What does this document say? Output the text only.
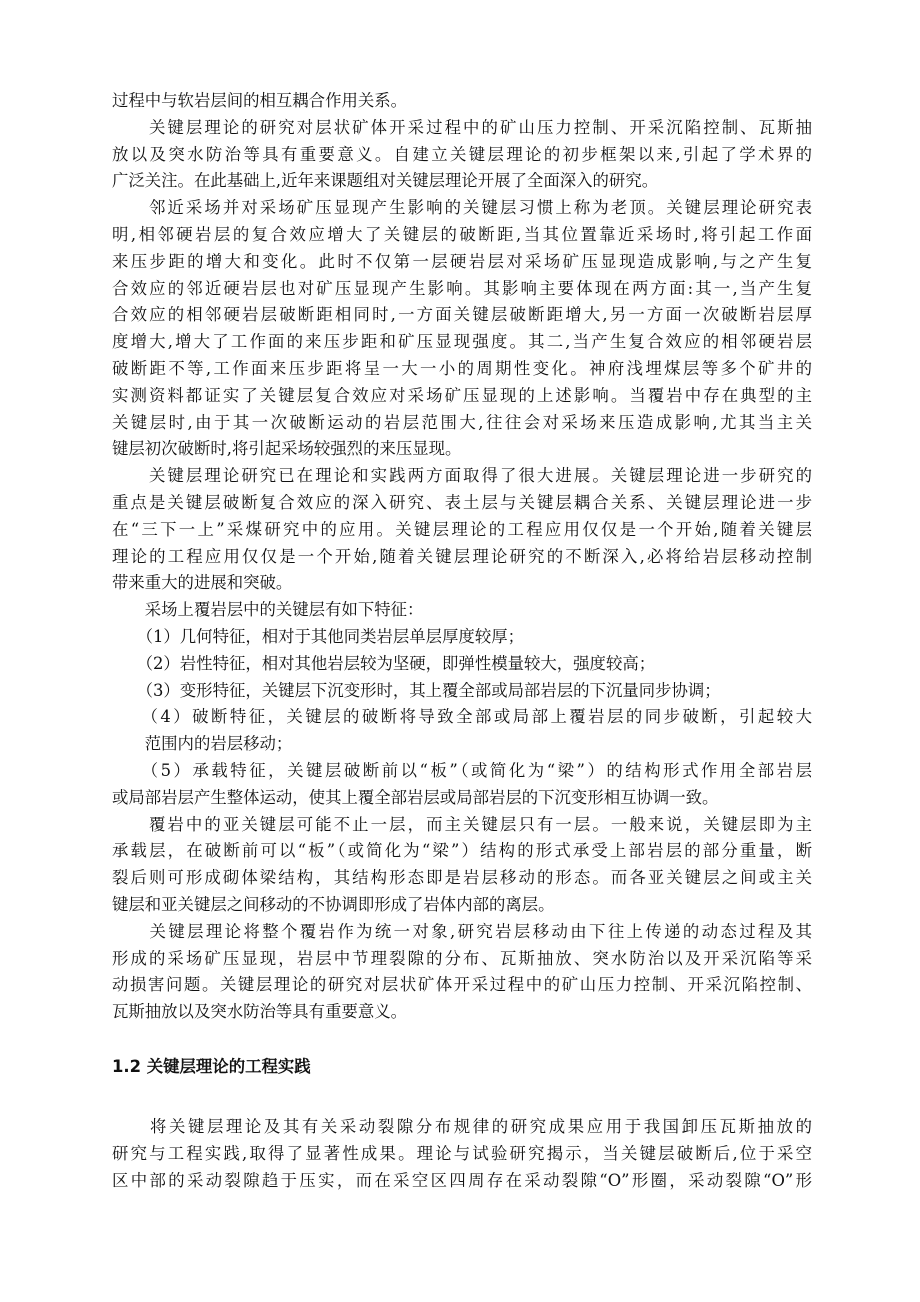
过程中与软岩层间的相互耦合作用关系。
　　关键层理论的研究对层状矿体开采过程中的矿山压力控制、开采沉陷控制、瓦斯抽
放以及突水防治等具有重要意义。自建立关键层理论的初步框架以来,引起了学术界的
广泛关注。在此基础上,近年来课题组对关键层理论开展了全面深入的研究。
　　邻近采场并对采场矿压显现产生影响的关键层习惯上称为老顶。关键层理论研究表
明,相邻硬岩层的复合效应增大了关键层的破断距,当其位置靠近采场时,将引起工作面
来压步距的增大和变化。此时不仅第一层硬岩层对采场矿压显现造成影响,与之产生复
合效应的邻近硬岩层也对矿压显现产生影响。其影响主要体现在两方面:其一,当产生复
合效应的相邻硬岩层破断距相同时,一方面关键层破断距增大,另一方面一次破断岩层厚
度增大,增大了工作面的来压步距和矿压显现强度。其二,当产生复合效应的相邻硬岩层
破断距不等,工作面来压步距将呈一大一小的周期性变化。神府浅埋煤层等多个矿井的
实测资料都证实了关键层复合效应对采场矿压显现的上述影响。当覆岩中存在典型的主
关键层时,由于其一次破断运动的岩层范围大,往往会对采场来压造成影响,尤其当主关
键层初次破断时,将引起采场较强烈的来压显现。
　　关键层理论研究已在理论和实践两方面取得了很大进展。关键层理论进一步研究的
重点是关键层破断复合效应的深入研究、表土层与关键层耦合关系、关键层理论进一步
在“三下一上”采煤研究中的应用。关键层理论的工程应用仅仅是一个开始,随着关键层
理论的工程应用仅仅是一个开始,随着关键层理论研究的不断深入,必将给岩层移动控制
带来重大的进展和突破。
　　采场上覆岩层中的关键层有如下特征：
　　（1）几何特征，相对于其他同类岩层单层厚度较厚；
　　（2）岩性特征，相对其他岩层较为坚硬，即弹性模量较大，强度较高；
　　（3）变形特征，关键层下沉变形时，其上覆全部或局部岩层的下沉量同步协调；
　　（4）破断特征，关键层的破断将导致全部或局部上覆岩层的同步破断，引起较大
　　范围内的岩层移动；
　　（5）承载特征，关键层破断前以“板”（或简化为“梁”）的结构形式作用全部岩层
或局部岩层产生整体运动，使其上覆全部岩层或局部岩层的下沉变形相互协调一致。
　　覆岩中的亚关键层可能不止一层，而主关键层只有一层。一般来说，关键层即为主
承载层，在破断前可以“板”（或简化为“梁”）结构的形式承受上部岩层的部分重量，断
裂后则可形成砌体梁结构，其结构形态即是岩层移动的形态。而各亚关键层之间或主关
键层和亚关键层之间移动的不协调即形成了岩体内部的离层。
　　关键层理论将整个覆岩作为统一对象,研究岩层移动由下往上传递的动态过程及其
形成的采场矿压显现，岩层中节理裂隙的分布、瓦斯抽放、突水防治以及开采沉陷等采
动损害问题。关键层理论的研究对层状矿体开采过程中的矿山压力控制、开采沉陷控制、
瓦斯抽放以及突水防治等具有重要意义。
1.2 关键层理论的工程实践
　　将关键层理论及其有关采动裂隙分布规律的研究成果应用于我国卸压瓦斯抽放的
研究与工程实践,取得了显著性成果。理论与试验研究揭示，当关键层破断后,位于采空
区中部的采动裂隙趋于压实，而在采空区四周存在采动裂隙“O”形圈，采动裂隙“O”形
